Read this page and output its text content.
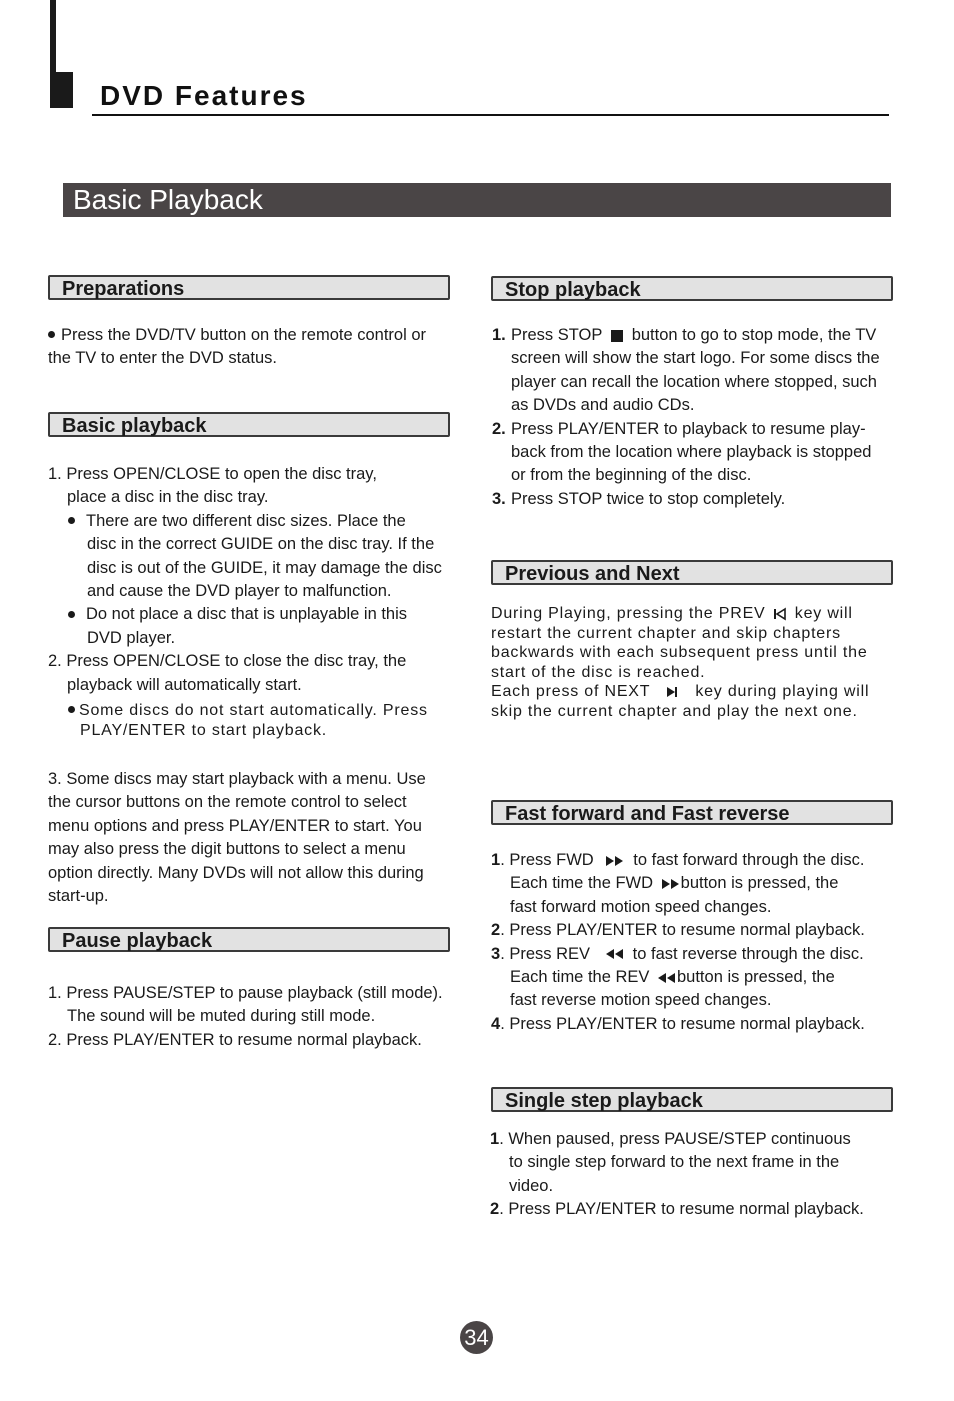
DVD Features
Basic Playback
Preparations
Press the DVD/TV button on the remote control or
the TV to enter the DVD status.
Basic playback
1. Press OPEN/CLOSE to open the disc tray,
place a disc in the disc tray.
There are two different disc sizes. Place the
disc in the correct GUIDE on the disc tray. If the
disc is out of the GUIDE, it may damage the disc
and cause the DVD player to malfunction.
Do not place a disc that is unplayable in this
DVD player.
2. Press OPEN/CLOSE to close the disc tray, the
playback will automatically start.
Some discs do not start automatically. Press
PLAY/ENTER to start playback.
3. Some discs may start playback with a menu. Use
the cursor buttons on the remote control to select
menu options and press PLAY/ENTER to start. You
may also press the digit buttons to select a menu
option directly. Many DVDs will not allow this during
start-up.
Pause playback
1. Press PAUSE/STEP to pause playback (still mode).
The sound will be muted during still mode.
2. Press PLAY/ENTER to resume normal playback.
Stop playback
1. Press STOP button to go to stop mode, the TV
screen will show the start logo. For some discs the
player can recall the location where stopped, such
as DVDs and audio CDs.
2. Press PLAY/ENTER to playback to resume play-
back from the location where playback is stopped
or from the beginning of the disc.
3. Press STOP twice to stop completely.
Previous and Next
During Playing, pressing the PREV key will
restart the current chapter and skip chapters
backwards with each subsequent press until the
start of the disc is reached.
Each press of NEXT	key during playing will
skip the current chapter and play the next one.
Fast forward and Fast reverse
1. Press FWD to fast forward through the disc.
Each time the FWD button is pressed, the
fast forward motion speed changes.
2. Press PLAY/ENTER to resume normal playback.
3. Press REV	to fast reverse through the disc.
Each time the REV button is pressed, the
fast reverse motion speed changes.
4. Press PLAY/ENTER to resume normal playback.
Single step playback
1. When paused, press PAUSE/STEP continuous
to single step forward to the next frame in the
video.
2. Press PLAY/ENTER to resume normal playback.
34
